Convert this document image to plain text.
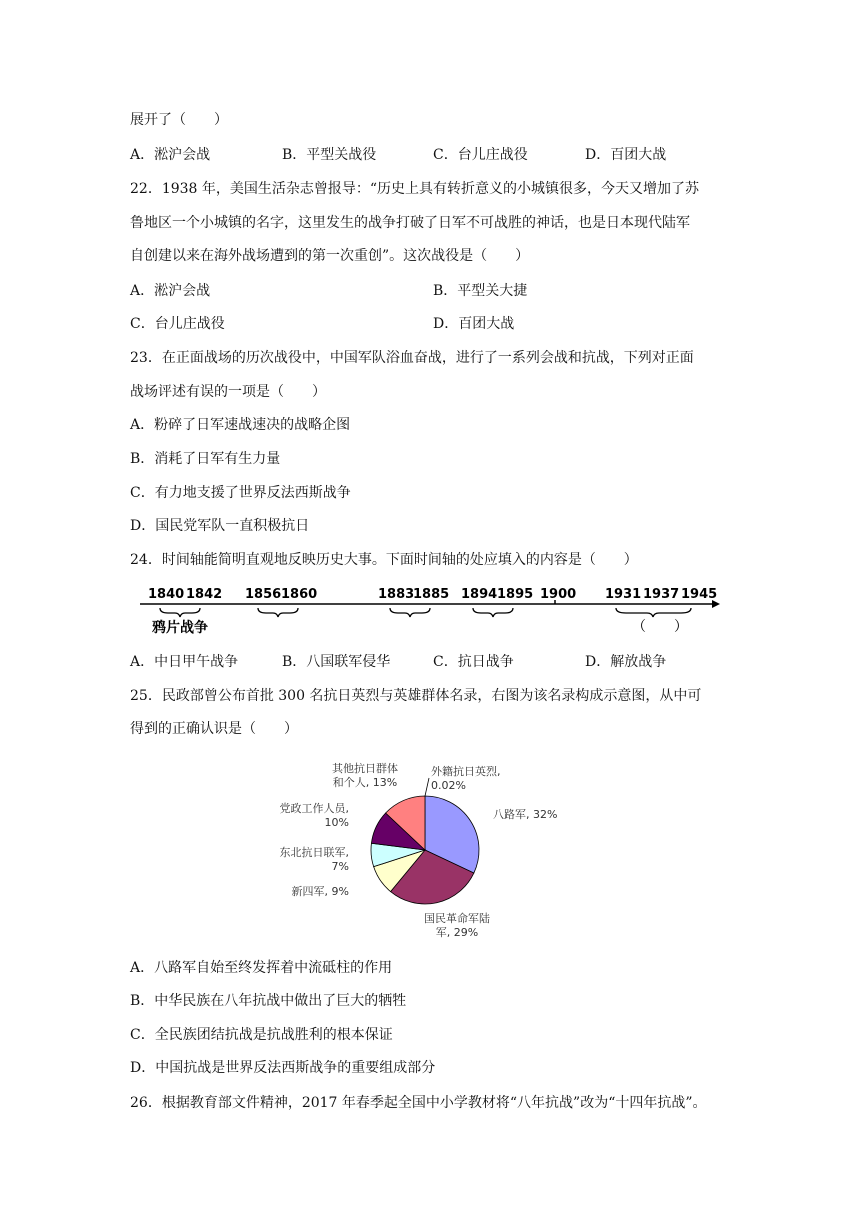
展开了（　　）
A．淞沪会战	B．平型关战役	C．台儿庄战役	D．百团大战
22．1938 年，美国生活杂志曾报导：“历史上具有转折意义的小城镇很多，今天又增加了苏
鲁地区一个小城镇的名字，这里发生的战争打破了日军不可战胜的神话，也是日本现代陆军
自创建以来在海外战场遭到的第一次重创”。这次战役是（　　）
A．淞沪会战	B．平型关大捷
C．台儿庄战役	D．百团大战
23．在正面战场的历次战役中，中国军队浴血奋战，进行了一系列会战和抗战，下列对正面
战场评述有误的一项是（　　）
A．粉碎了日军速战速决的战略企图
B．消耗了日军有生力量
C．有力地支援了世界反法西斯战争
D．国民党军队一直积极抗日
24．时间轴能简明直观地反映历史大事。下面时间轴的处应填入的内容是（　　）
1840 1842 1856 1860	1883
1885 1894 1895 1900 1931 1937 1945
鸦片战争	（　　）
A．中日甲午战争	B．八国联军侵华	C．抗日战争	D．解放战争
25．民政部曾公布首批 300 名抗日英烈与英雄群体名录，右图为该名录构成示意图，从中可
得到的正确认识是（　　）
外籍抗日英烈, 0.02%
八路军, 32%
国民革命军陆军, 29%
新四军, 9%
东北抗日联军, 7%
党政工作人员, 10%
其他抗日群体和个人, 13%
A．八路军自始至终发挥着中流砥柱的作用
B．中华民族在八年抗战中做出了巨大的牺牲
C．全民族团结抗战是抗战胜利的根本保证
D．中国抗战是世界反法西斯战争的重要组成部分
26．根据教育部文件精神，2017 年春季起全国中小学教材将“八年抗战”改为“十四年抗战”。
